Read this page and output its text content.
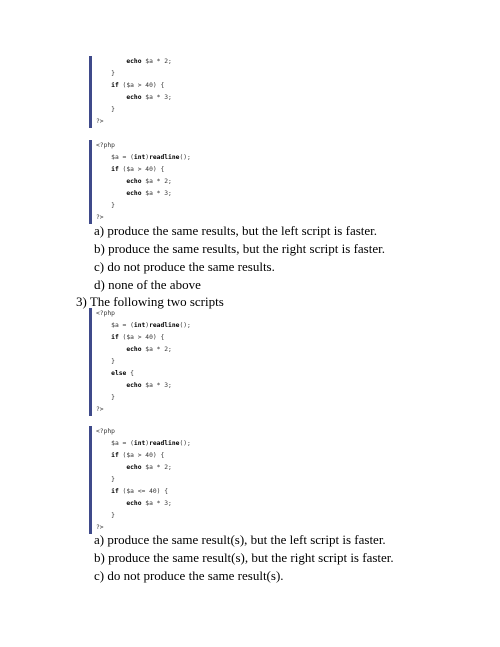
echo $a * 2;
}
if ($a > 40) {
echo $a * 3;
}
?>
<?php
$a = (int)readline();
if ($a > 40) {
echo $a * 2;
echo $a * 3;
}
?>
a) produce the same results, but the left script is faster.
b) produce the same results, but the right script is faster.
c) do not produce the same results.
d) none of the above
3) The following two scripts
<?php
$a = (int)readline();
if ($a > 40) {
echo $a * 2;
}
else {
echo $a * 3;
}
?>
<?php
$a = (int)readline();
if ($a > 40) {
echo $a * 2;
}
if ($a <= 40) {
echo $a * 3;
}
?>
a) produce the same result(s), but the left script is faster.
b) produce the same result(s), but the right script is faster.
c) do not produce the same result(s).
